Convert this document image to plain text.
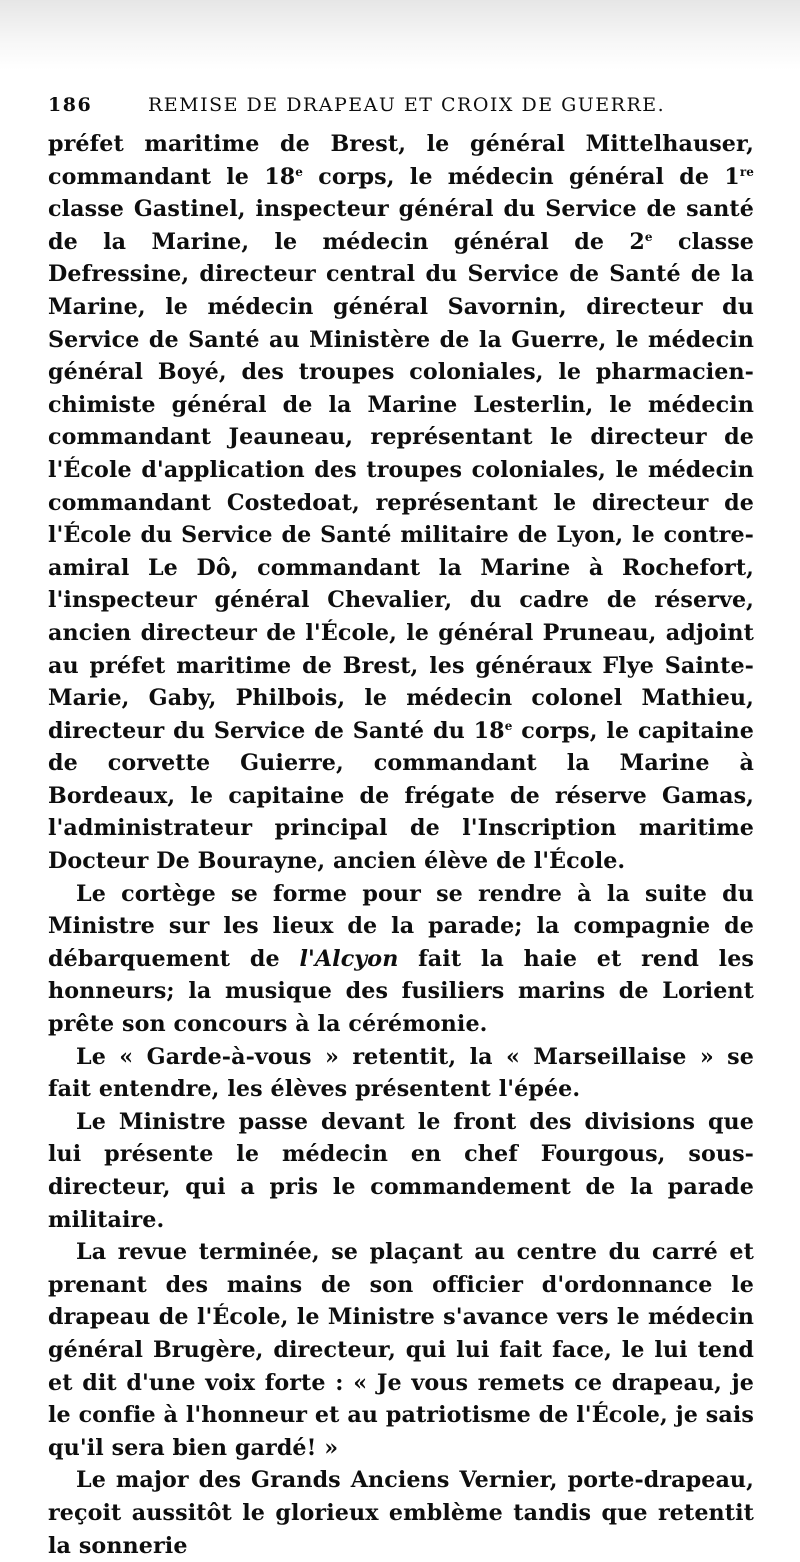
186	REMISE DE DRAPEAU ET CROIX DE GUERRE.

préfet maritime de Brest, le général Mittelhauser, commandant le 18e corps, le médecin général de 1re classe Gastinel, inspecteur général du Service de santé de la Marine, le médecin général de 2e classe Defressine, directeur central du Service de Santé de la Marine, le médecin général Savornin, directeur du Service de Santé au Ministère de la Guerre, le médecin général Boyé, des troupes coloniales, le pharmacien-chimiste général de la Marine Lesterlin, le médecin commandant Jeauneau, représentant le directeur de l'École d'application des troupes coloniales, le médecin commandant Costedoat, représentant le directeur de l'École du Service de Santé militaire de Lyon, le contre-amiral Le Dô, commandant la Marine à Rochefort, l'inspecteur général Chevalier, du cadre de réserve, ancien directeur de l'École, le général Pruneau, adjoint au préfet maritime de Brest, les généraux Flye Sainte-Marie, Gaby, Philbois, le médecin colonel Mathieu, directeur du Service de Santé du 18e corps, le capitaine de corvette Guierre, commandant la Marine à Bordeaux, le capitaine de frégate de réserve Gamas, l'administrateur principal de l'Inscription maritime Docteur De Bourayne, ancien élève de l'École.

Le cortège se forme pour se rendre à la suite du Ministre sur les lieux de la parade; la compagnie de débarquement de l'Alcyon fait la haie et rend les honneurs; la musique des fusiliers marins de Lorient prête son concours à la cérémonie.

Le « Garde-à-vous » retentit, la « Marseillaise » se fait entendre, les élèves présentent l'épée.

Le Ministre passe devant le front des divisions que lui présente le médecin en chef Fourgous, sous-directeur, qui a pris le commandement de la parade militaire.

La revue terminée, se plaçant au centre du carré et prenant des mains de son officier d'ordonnance le drapeau de l'École, le Ministre s'avance vers le médecin général Brugère, directeur, qui lui fait face, le lui tend et dit d'une voix forte : « Je vous remets ce drapeau, je le confie à l'honneur et au patriotisme de l'École, je sais qu'il sera bien gardé! »

Le major des Grands Anciens Vernier, porte-drapeau, reçoit aussitôt le glorieux emblème tandis que retentit la sonnerie
